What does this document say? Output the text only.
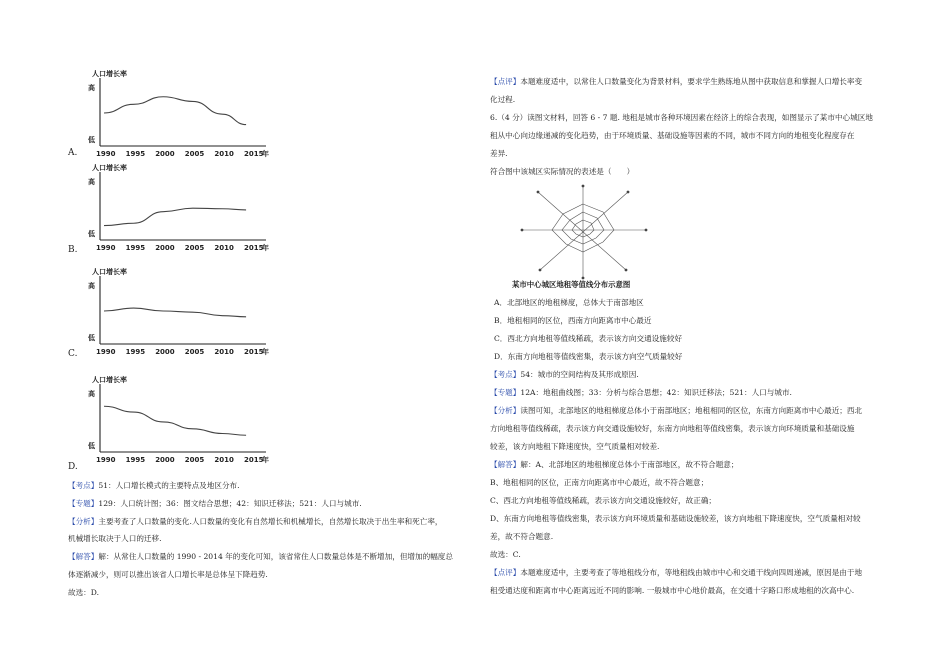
人口增长率
高
低
1990 1995 2000 2005 2010 2015
年
A.
人口增长率
高
低
1990 1995 2000 2005 2010 2015
年
B.
人口增长率
高
低
1990 1995 2000 2005 2010 2015
年
C.
人口增长率
高
低
1990 1995 2000 2005 2010 2015
年
D.
【考点】51：人口增长模式的主要特点及地区分布.
【专题】129：人口统计图；36：图文结合思想；42：知识迁移法；521：人口与城市.
【分析】主要考查了人口数量的变化.人口数量的变化有自然增长和机械增长，自然增长取决于出生率和死亡率，
机械增长取决于人口的迁移.
【解答】解：从常住人口数量的 1990 - 2014 年的变化可知，该省常住人口数量总体是不断增加，但增加的幅度总
体逐渐减少，则可以推出该省人口增长率是总体呈下降趋势.
故选：D.
【点评】本题难度适中，以常住人口数量变化为背景材料，要求学生熟练地从图中获取信息和掌握人口增长率变
化过程.
6.（4 分）读图文材料，回答 6 - 7 题. 地租是城市各种环境因素在经济上的综合表现，如图显示了某市中心城区地
租从中心向边缘递减的变化趋势，由于环境质量、基础设施等因素的不同，城市不同方向的地租变化程度存在
差异.
符合图中该城区实际情况的表述是（　　）
某市中心城区地租等值线分布示意图
A．北部地区的地租梯度，总体大于南部地区
B．地租相同的区位，西南方向距离市中心最近
C．西北方向地租等值线稀疏，表示该方向交通设施较好
D．东南方向地租等值线密集，表示该方向空气质量较好
【考点】54：城市的空间结构及其形成原因.
【专题】12A：地租曲线图；33：分析与综合思想；42：知识迁移法；521：人口与城市.
【分析】读图可知，北部地区的地租梯度总体小于南部地区；地租相同的区位，东南方向距离市中心最近；西北
方向地租等值线稀疏，表示该方向交通设施较好，东南方向地租等值线密集，表示该方向环境质量和基础设施
较差，该方向地租下降速度快，空气质量相对较差.
【解答】解：A、北部地区的地租梯度总体小于南部地区，故不符合题意；
B、地租相同的区位，正南方向距离市中心最近，故不符合题意；
C、西北方向地租等值线稀疏，表示该方向交通设施较好，故正确；
D、东南方向地租等值线密集，表示该方向环境质量和基础设施较差，该方向地租下降速度快，空气质量相对较
差，故不符合题意.
故选：C.
【点评】本题难度适中，主要考查了等地租线分布，等地租线由城市中心和交通干线向四周递减，原因是由于地
租受通达度和距离市中心距离远近不同的影响. 一般城市中心地价最高，在交通十字路口形成地租的次高中心.
